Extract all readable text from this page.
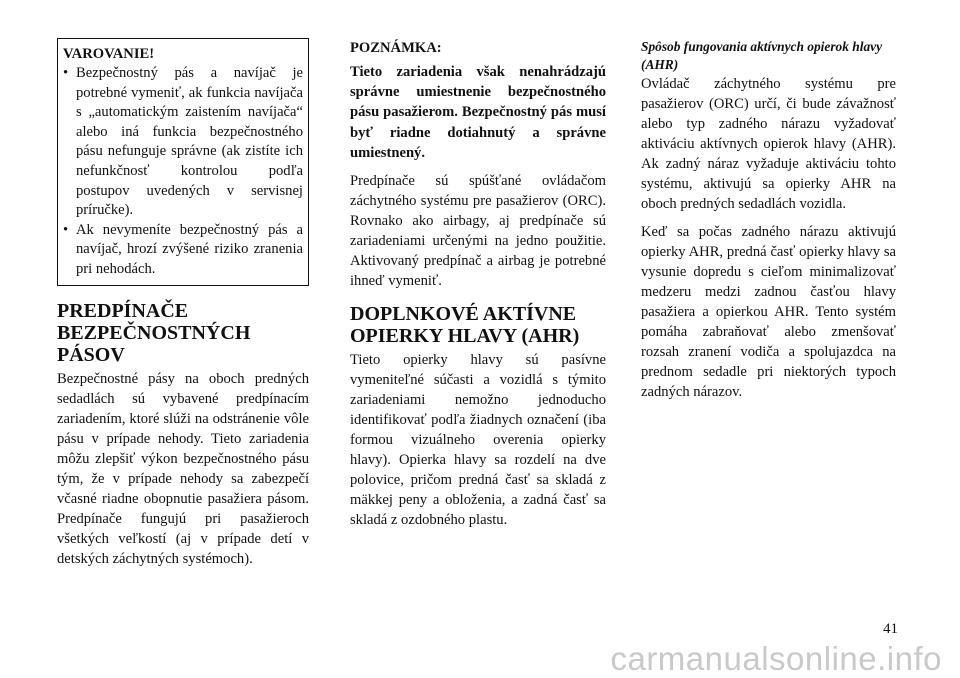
VAROVANIE!
• Bezpečnostný pás a navíjač je potrebné vymeniť, ak funkcia navíjača s „automatickým zaistením navíjača“ alebo iná funkcia bezpečnostného pásu nefunguje správne (ak zistíte ich nefunkčnosť kontrolou podľa postupov uvedených v servisnej príručke).
• Ak nevymeníte bezpečnostný pás a navíjač, hrozí zvýšené riziko zranenia pri nehodách.
PREDPÍNAČE BEZPEČNOSTNÝCH PÁSOV

Bezpečnostné pásy na oboch predných sedadlách sú vybavené predpínacím zariadením, ktoré slúži na odstránenie vôle pásu v prípade nehody. Tieto zariadenia môžu zlepšiť výkon bezpečnostného pásu tým, že v prípade nehody sa zabezpečí včasné riadne obopnutie pasažiera pásom. Predpínače fungujú pri pasažieroch všetkých veľkostí (aj v prípade detí v detských záchytných systémoch).

POZNÁMKA:

Tieto zariadenia však nenahrádzajú správne umiestnenie bezpečnostného pásu pasažierom. Bezpečnostný pás musí byť riadne dotiahnutý a správne umiestnený.

Predpínače sú spúšťané ovládačom záchytného systému pre pasažierov (ORC). Rovnako ako airbagy, aj predpínače sú zariadeniami určenými na jedno použitie. Aktivovaný predpínač a airbag je potrebné ihneď vymeniť.

DOPLNKOVÉ AKTÍVNE OPIERKY HLAVY (AHR)

Tieto opierky hlavy sú pasívne vymeniteľné súčasti a vozidlá s týmito zariadeniami nemožno jednoducho identifikovať podľa žiadnych označení (iba formou vizuálneho overenia opierky hlavy). Opierka hlavy sa rozdelí na dve polovice, pričom predná časť sa skladá z mäkkej peny a obloženia, a zadná časť sa skladá z ozdobného plastu.

Spôsob fungovania aktívnych opierok hlavy (AHR)

Ovládač záchytného systému pre pasažierov (ORC) určí, či bude závažnosť alebo typ zadného nárazu vyžadovať aktiváciu aktívnych opierok hlavy (AHR). Ak zadný náraz vyžaduje aktiváciu tohto systému, aktivujú sa opierky AHR na oboch predných sedadlách vozidla.

Keď sa počas zadného nárazu aktivujú opierky AHR, predná časť opierky hlavy sa vysunie dopredu s cieľom minimalizovať medzeru medzi zadnou časťou hlavy pasažiera a opierkou AHR. Tento systém pomáha zabraňovať alebo zmenšovať rozsah zranení vodiča a spolujazdca na prednom sedadle pri niektorých typoch zadných nárazov.

41
carmanualsonline.info
